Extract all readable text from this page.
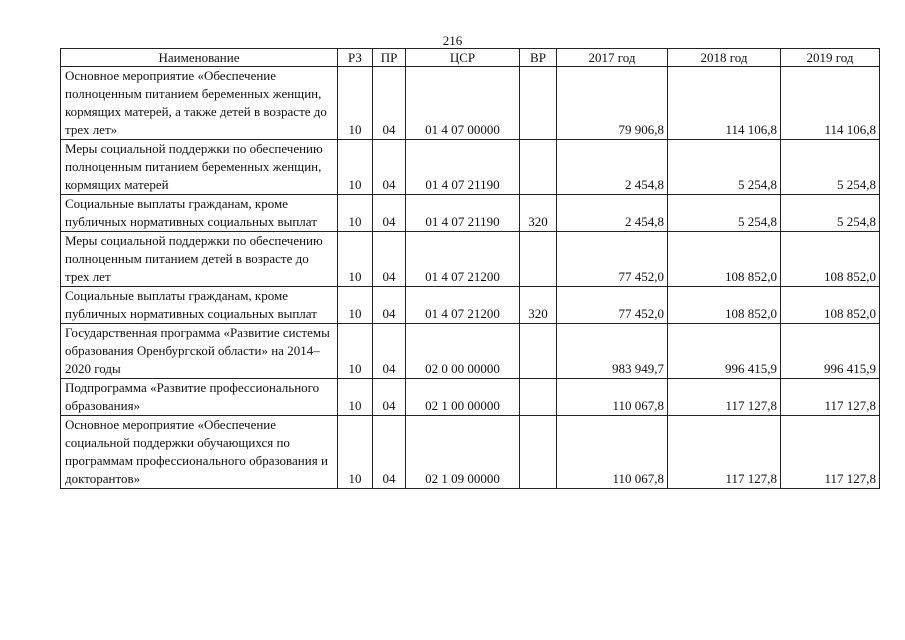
216
Наименование	РЗ	ПР	ЦСР	ВР	2017 год	2018 год	2019 год
Основное мероприятие «Обеспечение полноценным питанием беременных женщин, кормящих матерей, а также детей в возрасте до трех лет»	10	04	01 4 07 00000		79 906,8	114 106,8	114 106,8
Меры социальной поддержки по обеспечению полноценным питанием беременных женщин, кормящих матерей	10	04	01 4 07 21190		2 454,8	5 254,8	5 254,8
Социальные выплаты гражданам, кроме публичных нормативных социальных выплат	10	04	01 4 07 21190	320	2 454,8	5 254,8	5 254,8
Меры социальной поддержки по обеспечению полноценным питанием детей в возрасте до трех лет	10	04	01 4 07 21200		77 452,0	108 852,0	108 852,0
Социальные выплаты гражданам, кроме публичных нормативных социальных выплат	10	04	01 4 07 21200	320	77 452,0	108 852,0	108 852,0
Государственная программа «Развитие системы образования Оренбургской области» на 2014–2020 годы	10	04	02 0 00 00000		983 949,7	996 415,9	996 415,9
Подпрограмма «Развитие профессионального образования»	10	04	02 1 00 00000		110 067,8	117 127,8	117 127,8
Основное мероприятие «Обеспечение социальной поддержки обучающихся по программам профессионального образования и докторантов»	10	04	02 1 09 00000		110 067,8	117 127,8	117 127,8
